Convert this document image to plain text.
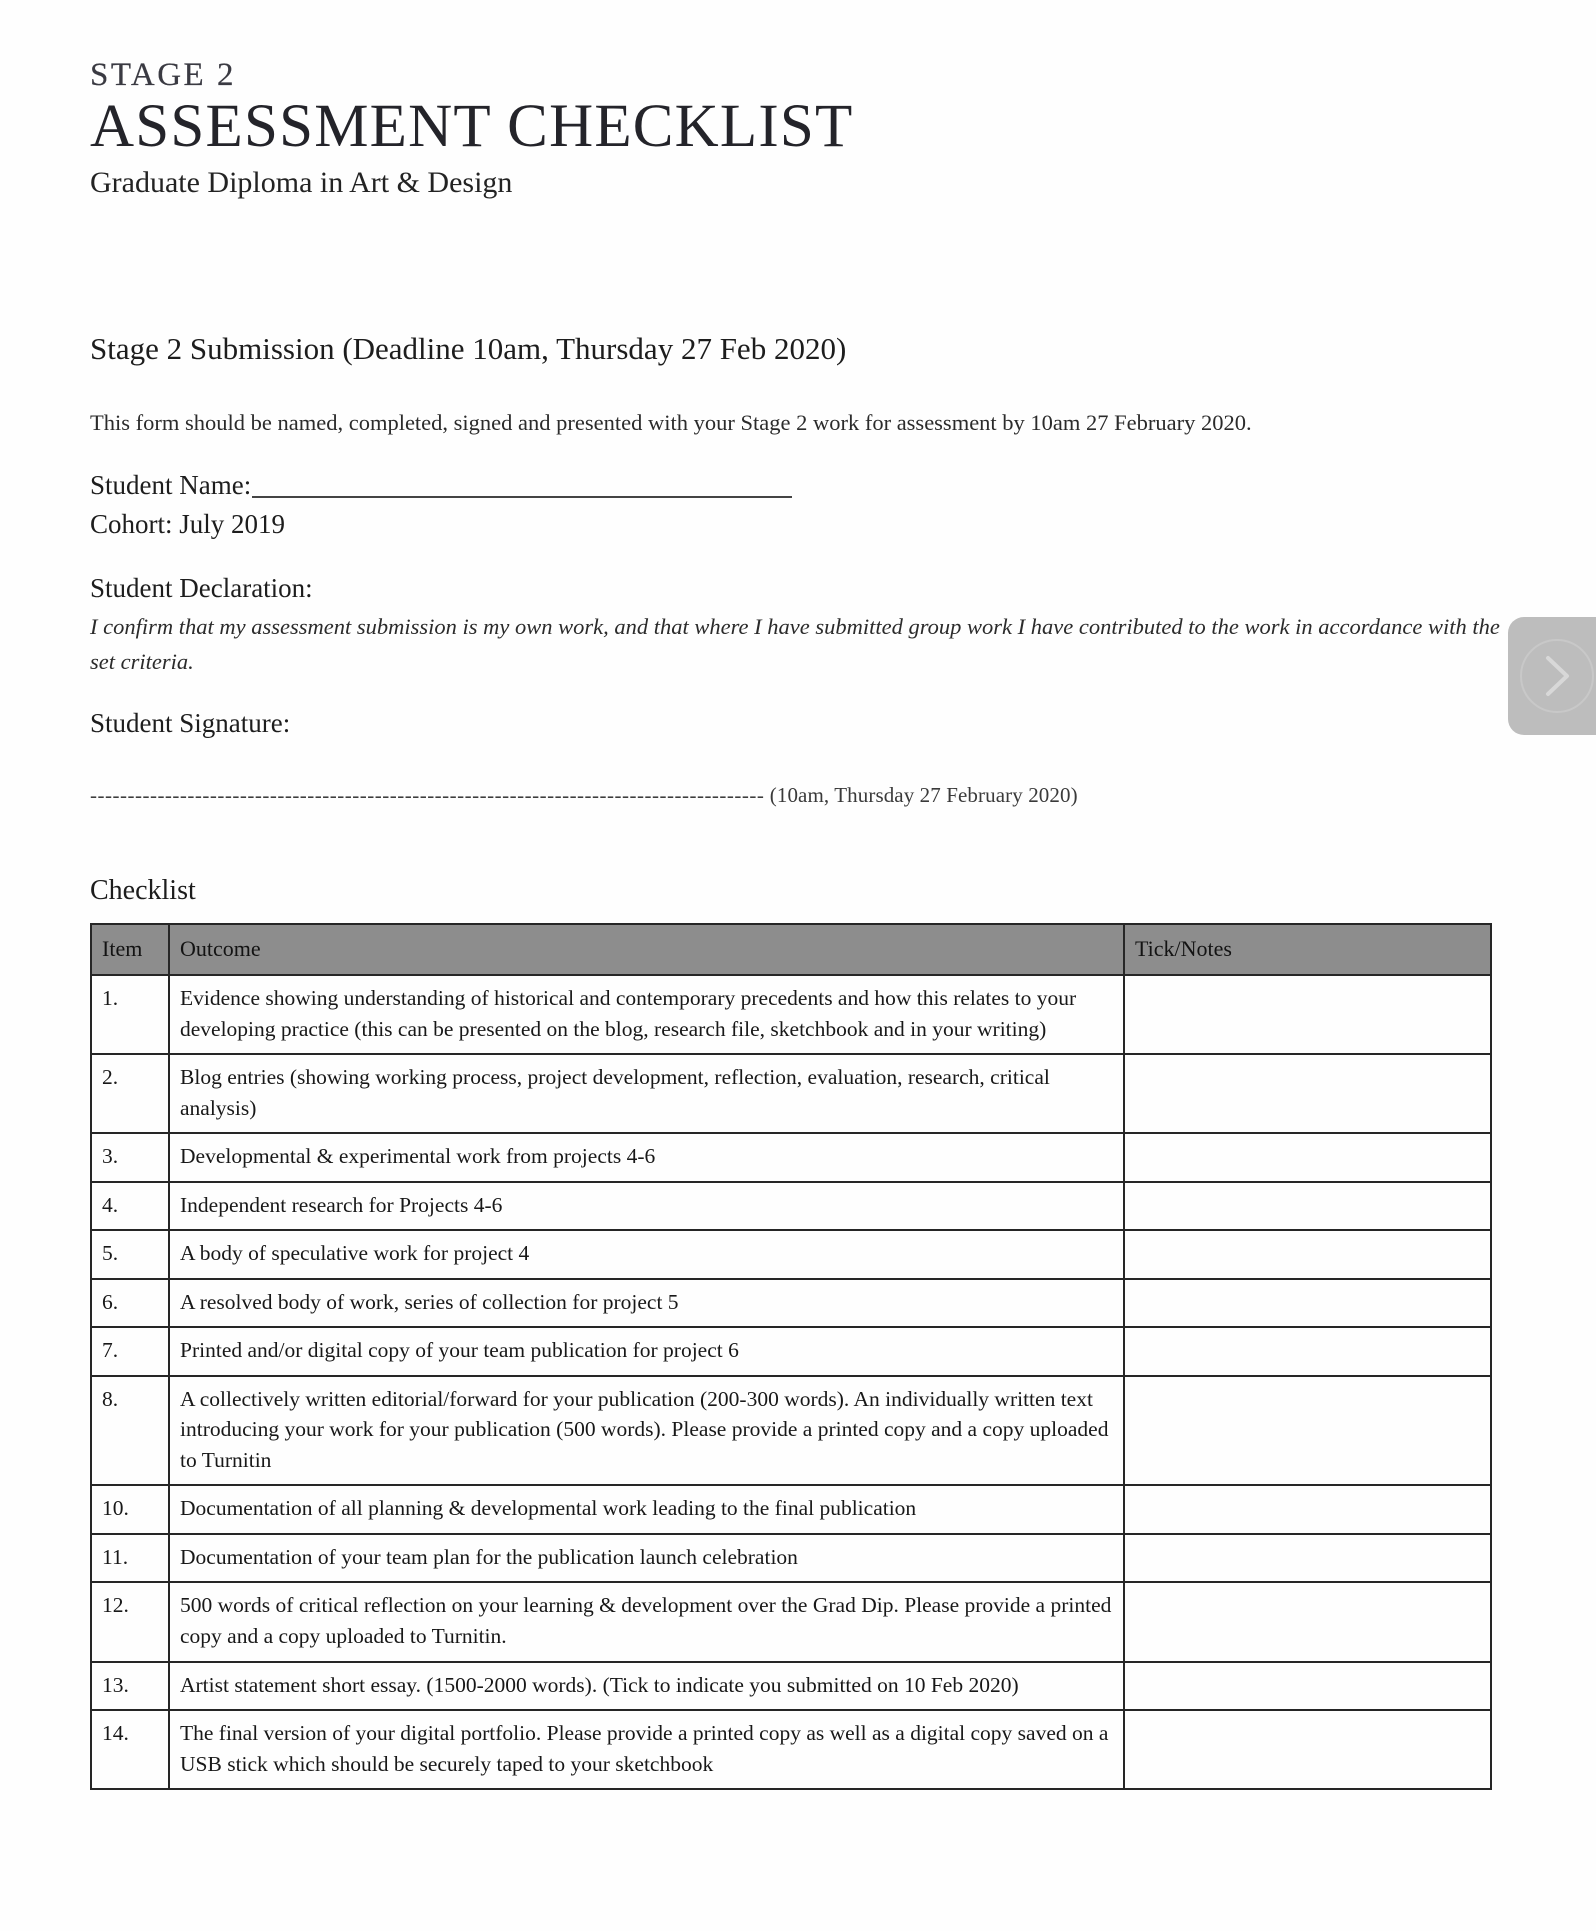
STAGE 2
ASSESSMENT CHECKLIST
Graduate Diploma in Art & Design
Stage 2 Submission (Deadline 10am, Thursday 27 Feb 2020)

This form should be named, completed, signed and presented with your Stage 2 work for assessment by 10am 27 February 2020.

Student Name:
Cohort: July 2019
Student Declaration:

I confirm that my assessment submission is my own work, and that where I have submitted group work I have contributed to the work in accordance with the set criteria.

Student Signature:
------------------------------------------------------------------------------------------ (10am, Thursday 27 February 2020)
Checklist
Item	Outcome	Tick/Notes
1.	Evidence showing understanding of historical and contemporary precedents and how this relates to your developing practice (this can be presented on the blog, research file, sketchbook and in your writing)	
2.	Blog entries (showing working process, project development, reflection, evaluation, research, critical analysis)	
3.	Developmental & experimental work from projects 4-6	
4.	Independent research for Projects 4-6	
5.	A body of speculative work for project 4	
6.	A resolved body of work, series of collection for project 5	
7.	Printed and/or digital copy of your team publication for project 6	
8.	A collectively written editorial/forward for your publication (200-300 words). An individually written text introducing your work for your publication (500 words). Please provide a printed copy and a copy uploaded to Turnitin	
10.	Documentation of all planning & developmental work leading to the final publication	
11.	Documentation of your team plan for the publication launch celebration	
12.	500 words of critical reflection on your learning & development over the Grad Dip. Please provide a printed copy and a copy uploaded to Turnitin.	
13.	Artist statement short essay. (1500-2000 words). (Tick to indicate you submitted on 10 Feb 2020)	
14.	The final version of your digital portfolio. Please provide a printed copy as well as a digital copy saved on a USB stick which should be securely taped to your sketchbook	
